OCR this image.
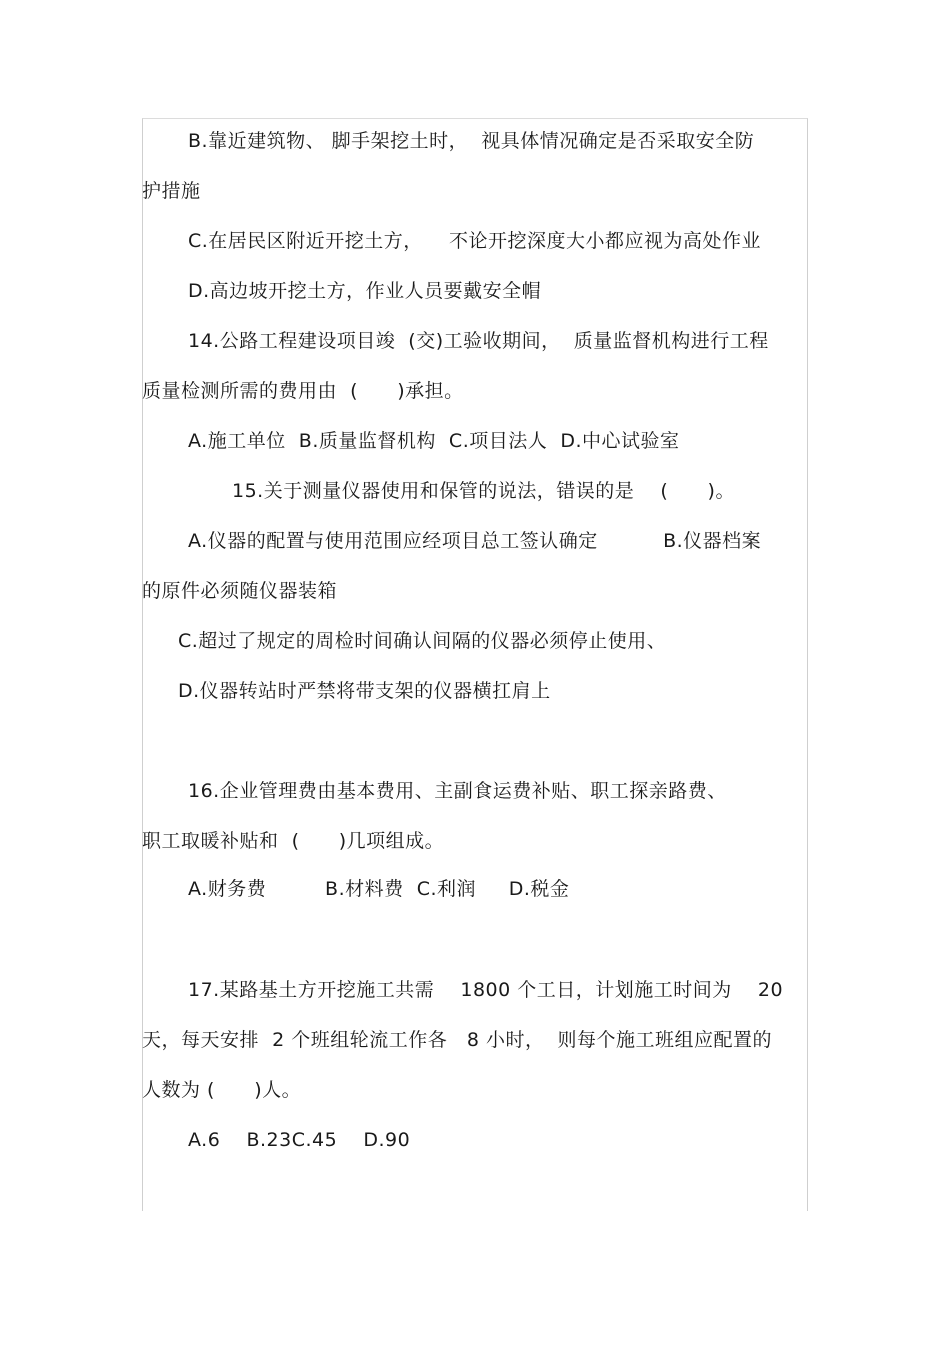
B.靠近建筑物、 脚手架挖土时，  视具体情况确定是否采取安全防
护措施
C.在居民区附近开挖土方，    不论开挖深度大小都应视为高处作业
D.高边坡开挖土方，作业人员要戴安全帽
14.公路工程建设项目竣  (交)工验收期间，  质量监督机构进行工程
质量检测所需的费用由  (      )承担。
A.施工单位  B.质量监督机构  C.项目法人  D.中心试验室
15.关于测量仪器使用和保管的说法，错误的是    (      )。
A.仪器的配置与使用范围应经项目总工签认确定          B.仪器档案
的原件必须随仪器装箱
C.超过了规定的周检时间确认间隔的仪器必须停止使用、
D.仪器转站时严禁将带支架的仪器横扛肩上
16.企业管理费由基本费用、主副食运费补贴、职工探亲路费、
职工取暖补贴和  (      )几项组成。
A.财务费         B.材料费  C.利润     D.税金
17.某路基土方开挖施工共需    1800 个工日，计划施工时间为    20
天，每天安排  2 个班组轮流工作各   8 小时，  则每个施工班组应配置的
人数为 (      )人。
A.6    B.23C.45    D.90
